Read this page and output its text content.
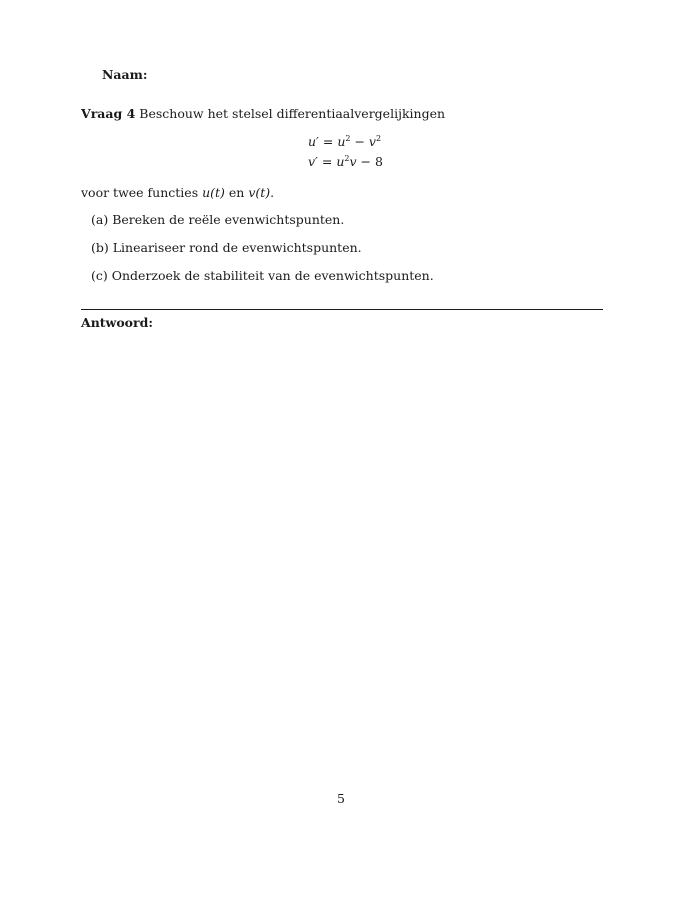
Naam:
Vraag 4 Beschouw het stelsel differentiaalvergelijkingen
$u' = u^2 - v^2$
$v' = u^2v - 8$
voor twee functies u(t) en v(t).
(a) Bereken de reële evenwichtspunten.
(b) Lineariseer rond de evenwichtspunten.
(c) Onderzoek de stabiliteit van de evenwichtspunten.
Antwoord:
5
